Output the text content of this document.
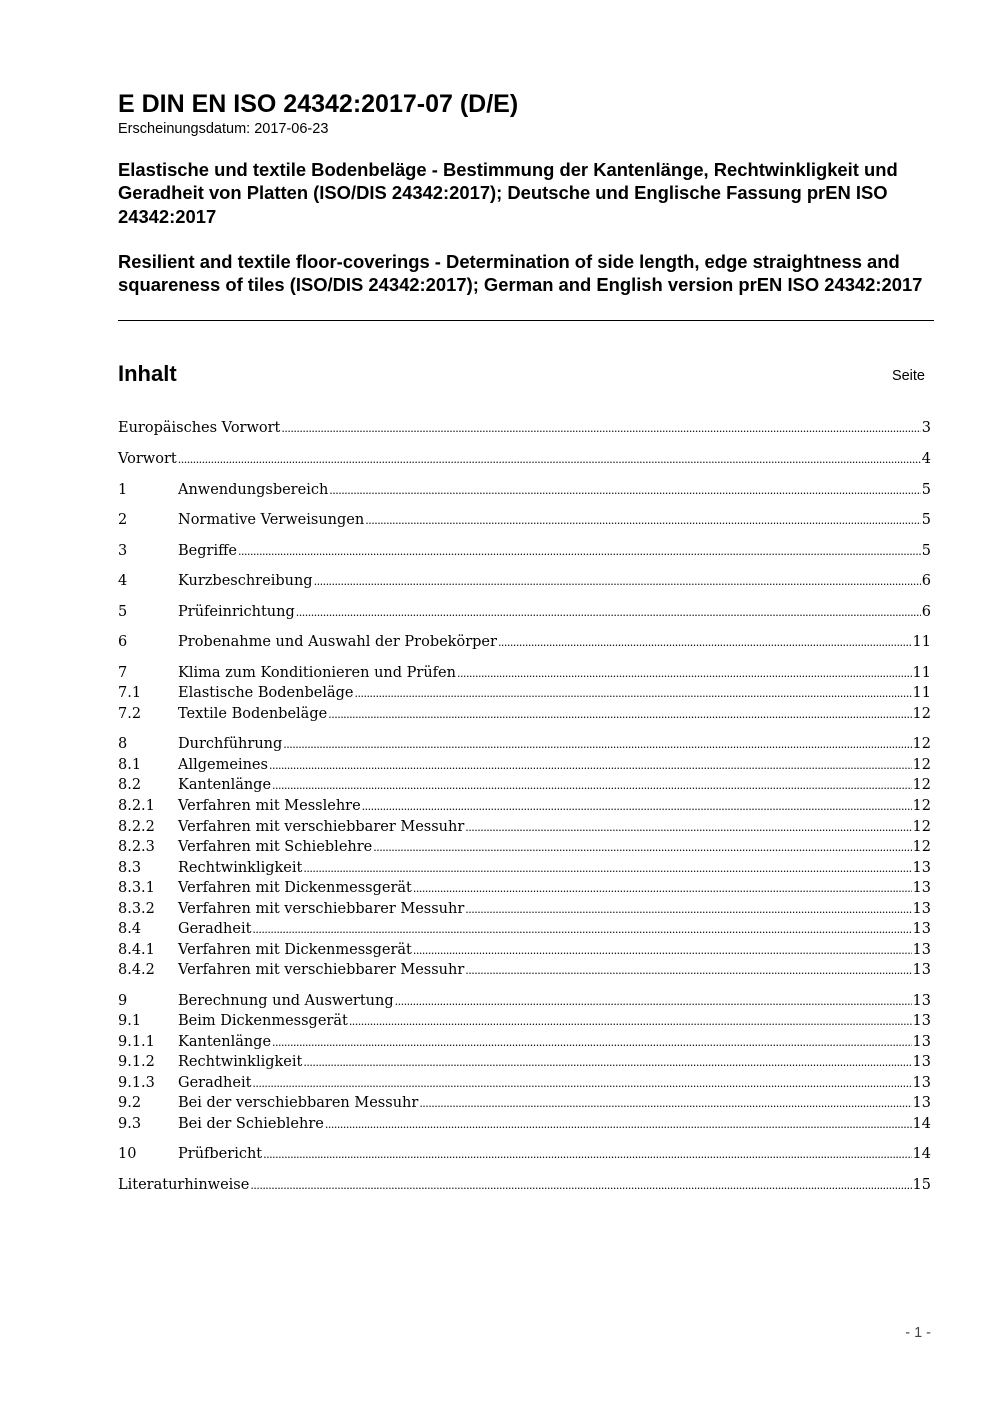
E DIN EN ISO 24342:2017-07 (D/E)
Erscheinungsdatum: 2017-06-23

Elastische und textile Bodenbeläge - Bestimmung der Kantenlänge, Rechtwinkligkeit und Geradheit von Platten (ISO/DIS 24342:2017); Deutsche und Englische Fassung prEN ISO 24342:2017

Resilient and textile floor-coverings - Determination of side length, edge straightness and squareness of tiles (ISO/DIS 24342:2017); German and English version prEN ISO 24342:2017

Inhalt	Seite
Europäisches Vorwort .....	3
Vorwort .....	4
1	Anwendungsbereich .....	5
2	Normative Verweisungen .....	5
3	Begriffe .....	5
4	Kurzbeschreibung .....	6
5	Prüfeinrichtung .....	6
6	Probenahme und Auswahl der Probekörper .....	11
7	Klima zum Konditionieren und Prüfen .....	11
7.1	Elastische Bodenbeläge .....	11
7.2	Textile Bodenbeläge .....	12
8	Durchführung .....	12
8.1	Allgemeines .....	12
8.2	Kantenlänge .....	12
8.2.1	Verfahren mit Messlehre .....	12
8.2.2	Verfahren mit verschiebbarer Messuhr .....	12
8.2.3	Verfahren mit Schieblehre .....	12
8.3	Rechtwinkligkeit .....	13
8.3.1	Verfahren mit Dickenmessgerät .....	13
8.3.2	Verfahren mit verschiebbarer Messuhr .....	13
8.4	Geradheit .....	13
8.4.1	Verfahren mit Dickenmessgerät .....	13
8.4.2	Verfahren mit verschiebbarer Messuhr .....	13
9	Berechnung und Auswertung .....	13
9.1	Beim Dickenmessgerät .....	13
9.1.1	Kantenlänge .....	13
9.1.2	Rechtwinkligkeit .....	13
9.1.3	Geradheit .....	13
9.2	Bei der verschiebbaren Messuhr .....	13
9.3	Bei der Schieblehre .....	14
10	Prüfbericht .....	14
Literaturhinweise .....	15
- 1 -
